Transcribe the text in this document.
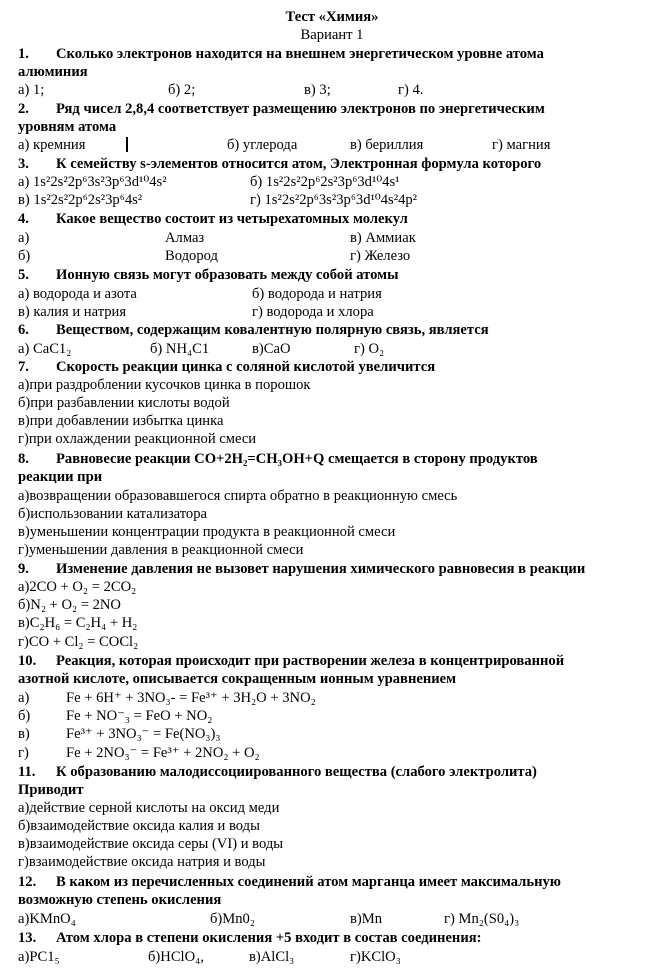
Тест «Химия»
Вариант 1
1. Сколько электронов находится на внешнем энергетическом уровне атома
алюминия
а) 1;	б) 2;	в) 3;	г) 4.
2. Ряд чисел 2,8,4 соответствует размещению электронов по энергетическим
уровням атома
а) кремния	б) углерода	в) бериллия	г) магния
3. К семейству s-элементов относится атом, Электронная формула которого
а) 1s²2s²2p⁶3s²3p⁶3d¹⁰4s²	б) 1s²2s²2p⁶2s²3p⁶3d¹⁰4s¹
в) 1s²2s²2p⁶2s²3p⁶4s²	г) 1s²2s²2p⁶3s²3p⁶3d¹⁰4s²4p²
4. Какое вещество состоит из четырехатомных молекул
а)	Алмаз	в) Аммиак
б)	Водород	г) Железо
5. Ионную связь могут образовать между собой атомы
а) водорода и азота	б) водорода и натрия
в) калия и натрия	г) водорода и хлора
6. Веществом, содержащим ковалентную полярную связь, является
а) CaC1₂	б) NH₄C1	в)CaO	г) O₂
7. Скорость реакции цинка с соляной кислотой увеличится
а)при раздроблении кусочков цинка в порошок
б)при разбавлении кислоты водой
в)при добавлении избытка цинка
г)при охлаждении реакционной смеси
8. Равновесие реакции CO+2H₂=CH₃OH+Q смещается в сторону продуктов
реакции при
а)возвращении образовавшегося спирта обратно в реакционную смесь
б)использовании катализатора
в)уменьшении концентрации продукта в реакционной смеси
г)уменьшении давления в реакционной смеси
9. Изменение давления не вызовет нарушения химического равновесия в реакции
а)2CO + O₂ = 2CO₂
б)N₂ + O₂ = 2NO
в)C₂H₆ = C₂H₄ + H₂
г)CO + Cl₂ = COCl₂
10. Реакция, которая происходит при растворении железа в концентрированной
азотной кислоте, описывается сокращенным ионным уравнением
а)	Fe + 6H⁺ + 3NO₃- = Fe³⁺ + 3H₂O + 3NO₂
б) Fe + NO⁻₃ = FeO + NO₂
в) Fe³⁺ + 3NO₃⁻ = Fe(NO₃)₃
г)	Fe + 2NO₃⁻ = Fe³⁺ + 2NO₂ + O₂
11. К образованию малодиссоциированного вещества (слабого электролита)
Приводит
а)действие серной кислоты на оксид меди
б)взаимодействие оксида калия и воды
в)взаимодействие оксида серы (VI) и воды
г)взаимодействие оксида натрия и воды
12. В каком из перечисленных соединений атом марганца имеет максимальную
возможную степень окисления
а)KMnO₄	б)Mn0₂	в)Mn	г) Mn₂(S0₄)₃
13. Атом хлора в степени окисления +5 входит в состав соединения:
а)PC1₅	б)HClO₄,	в)AlCl₃	г)KClO₃
